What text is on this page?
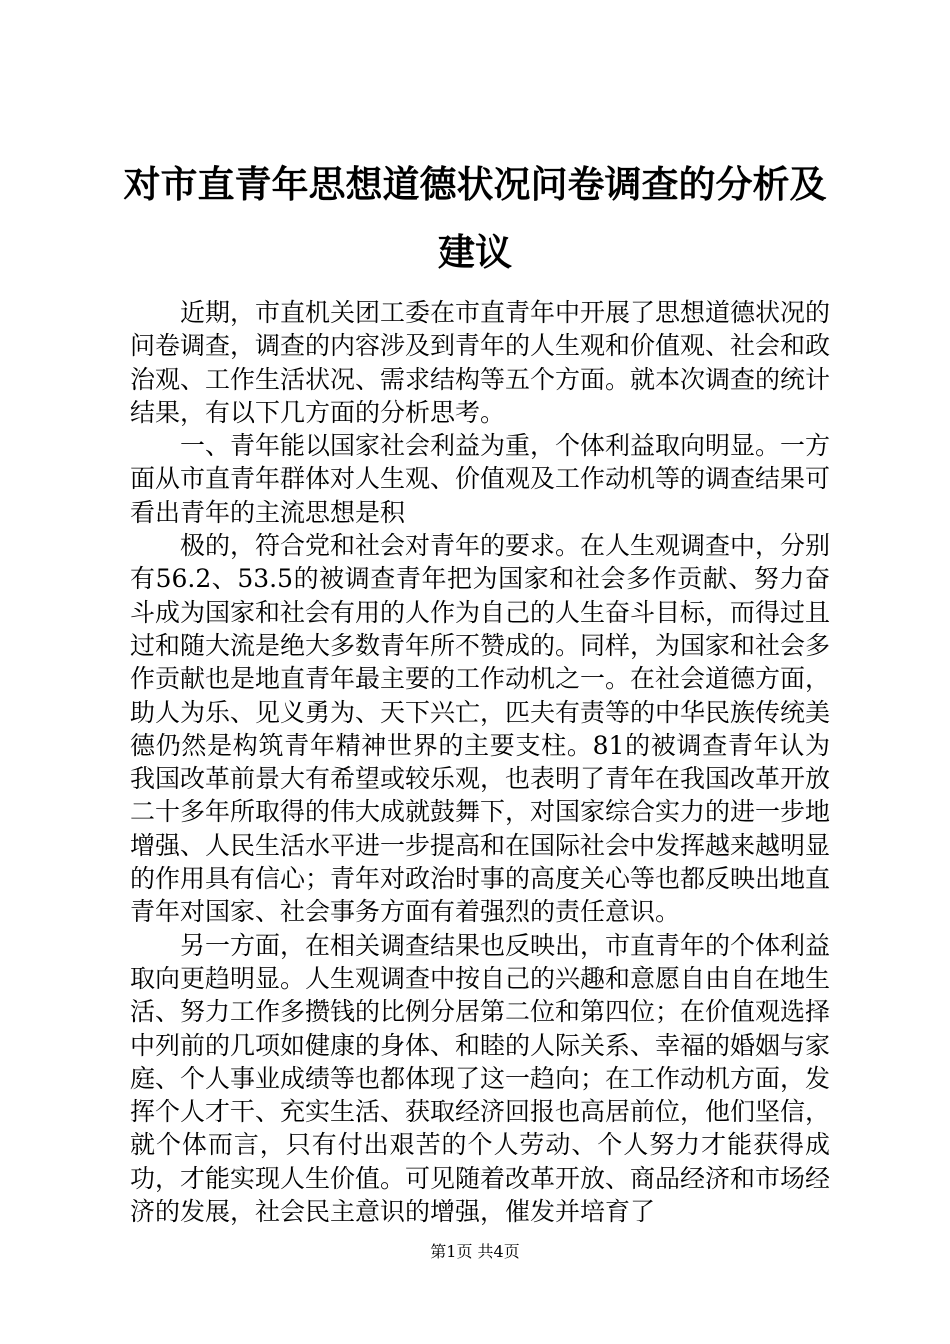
对市直青年思想道德状况问卷调查的分析及建议

近期，市直机关团工委在市直青年中开展了思想道德状况的问卷调查，调查的内容涉及到青年的人生观和价值观、社会和政治观、工作生活状况、需求结构等五个方面。就本次调查的统计结果，有以下几方面的分析思考。

一、青年能以国家社会利益为重，个体利益取向明显。一方面从市直青年群体对人生观、价值观及工作动机等的调查结果可看出青年的主流思想是积

极的，符合党和社会对青年的要求。在人生观调查中，分别有56.2、53.5的被调查青年把为国家和社会多作贡献、努力奋斗成为国家和社会有用的人作为自己的人生奋斗目标，而得过且过和随大流是绝大多数青年所不赞成的。同样，为国家和社会多作贡献也是地直青年最主要的工作动机之一。在社会道德方面，助人为乐、见义勇为、天下兴亡，匹夫有责等的中华民族传统美德仍然是构筑青年精神世界的主要支柱。81的被调查青年认为我国改革前景大有希望或较乐观，也表明了青年在我国改革开放二十多年所取得的伟大成就鼓舞下，对国家综合实力的进一步地增强、人民生活水平进一步提高和在国际社会中发挥越来越明显的作用具有信心；青年对政治时事的高度关心等也都反映出地直青年对国家、社会事务方面有着强烈的责任意识。

另一方面，在相关调查结果也反映出，市直青年的个体利益取向更趋明显。人生观调查中按自己的兴趣和意愿自由自在地生活、努力工作多攒钱的比例分居第二位和第四位；在价值观选择中列前的几项如健康的身体、和睦的人际关系、幸福的婚姻与家庭、个人事业成绩等也都体现了这一趋向；在工作动机方面，发挥个人才干、充实生活、获取经济回报也高居前位，他们坚信，就个体而言，只有付出艰苦的个人劳动、个人努力才能获得成功，才能实现人生价值。可见随着改革开放、商品经济和市场经济的发展，社会民主意识的增强，催发并培育了

第1页 共4页
